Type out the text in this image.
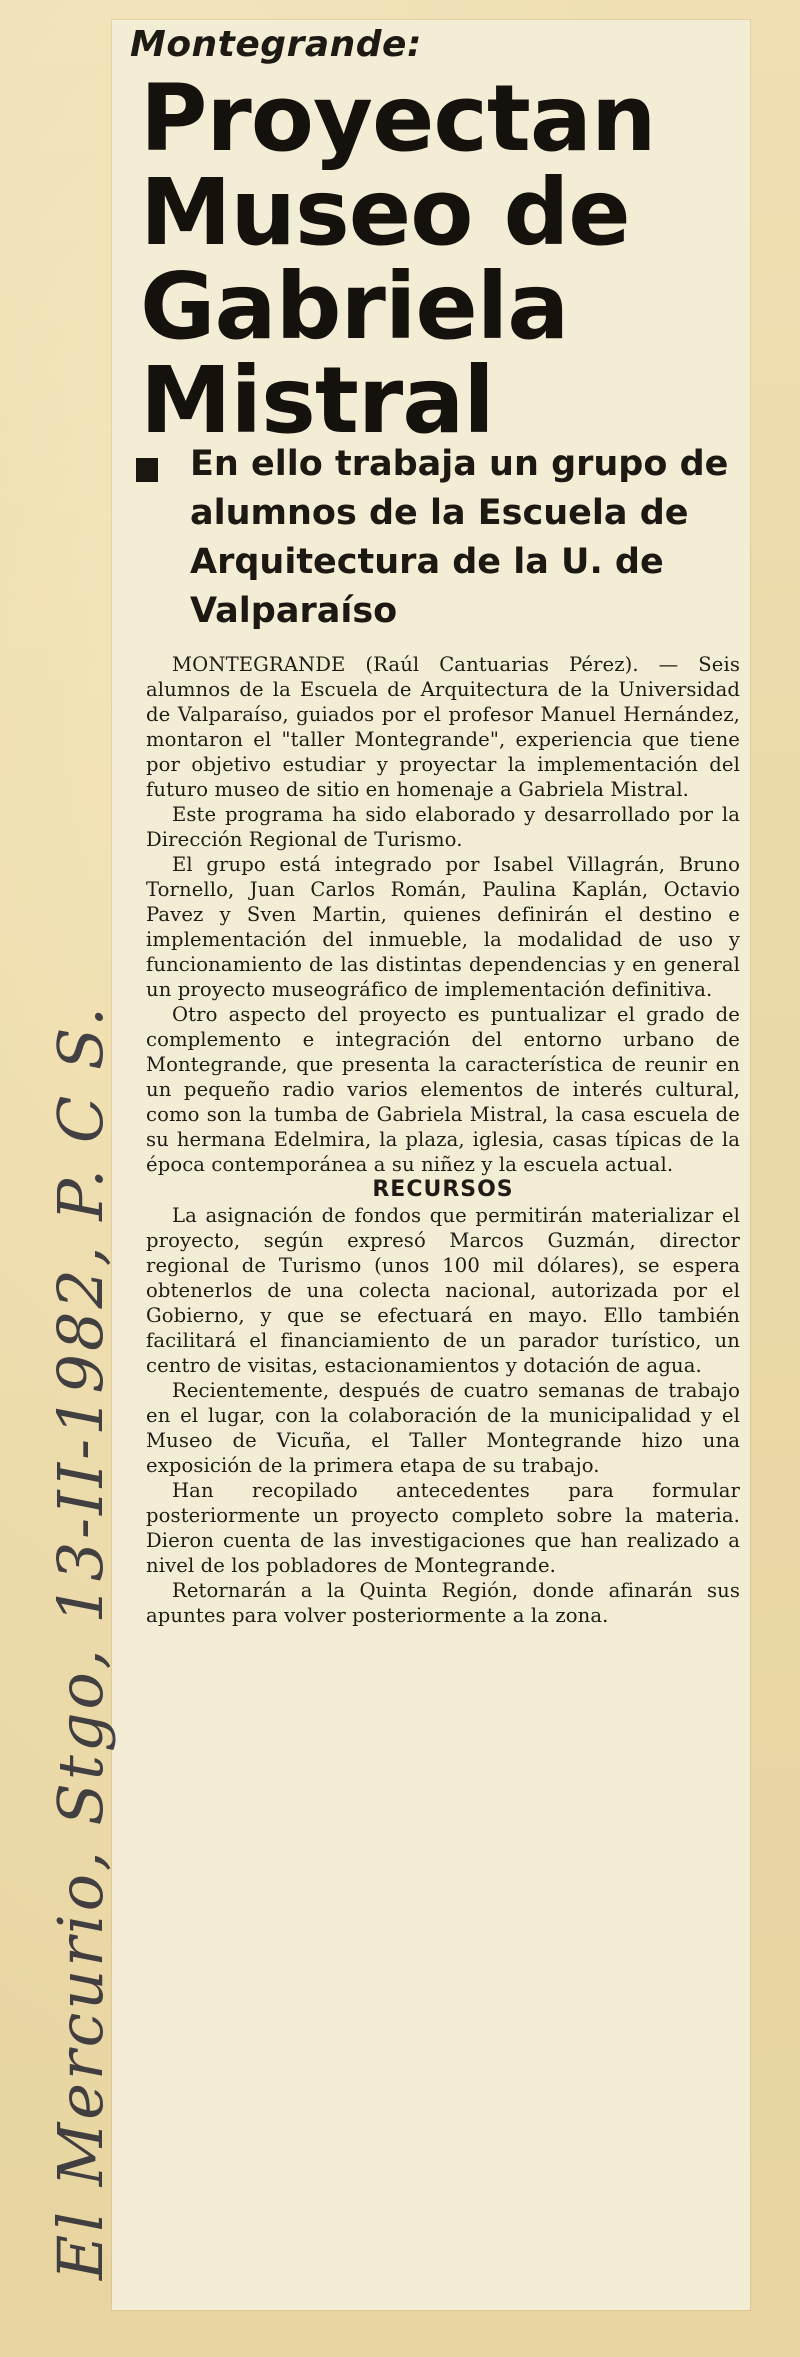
Montegrande:
Proyectan
Museo de
Gabriela
Mistral
En ello trabaja un grupo de alumnos de la Escuela de Arquitectura de la U. de Valparaíso

MONTEGRANDE (Raúl Cantuarias Pérez). — Seis alumnos de la Escuela de Arquitectura de la Universidad de Valparaíso, guiados por el profesor Manuel Hernández, montaron el "taller Montegrande", experiencia que tiene por objetivo estudiar y proyectar la implementación del futuro museo de sitio en homenaje a Gabriela Mistral.

Este programa ha sido elaborado y desarrollado por la Dirección Regional de Turismo.

El grupo está integrado por Isabel Villagrán, Bruno Tornello, Juan Carlos Román, Paulina Kaplán, Octavio Pavez y Sven Martin, quienes definirán el destino e implementación del inmueble, la modalidad de uso y funcionamiento de las distintas dependencias y en general un proyecto museográfico de implementación definitiva.

Otro aspecto del proyecto es puntualizar el grado de complemento e integración del entorno urbano de Montegrande, que presenta la característica de reunir en un pequeño radio varios elementos de interés cultural, como son la tumba de Gabriela Mistral, la casa escuela de su hermana Edelmira, la plaza, iglesia, casas típicas de la época contemporánea a su niñez y la escuela actual.

RECURSOS

La asignación de fondos que permitirán materializar el proyecto, según expresó Marcos Guzmán, director regional de Turismo (unos 100 mil dólares), se espera obtenerlos de una colecta nacional, autorizada por el Gobierno, y que se efectuará en mayo. Ello también facilitará el financiamiento de un parador turístico, un centro de visitas, estacionamientos y dotación de agua.

Recientemente, después de cuatro semanas de trabajo en el lugar, con la colaboración de la municipalidad y el Museo de Vicuña, el Taller Montegrande hizo una exposición de la primera etapa de su trabajo.

Han recopilado antecedentes para formular posteriormente un proyecto completo sobre la materia. Dieron cuenta de las investigaciones que han realizado a nivel de los pobladores de Montegrande.

Retornarán a la Quinta Región, donde afinarán sus apuntes para volver posteriormente a la zona.

El Mercurio, Stgo, 13-II-1982, P. C S.
